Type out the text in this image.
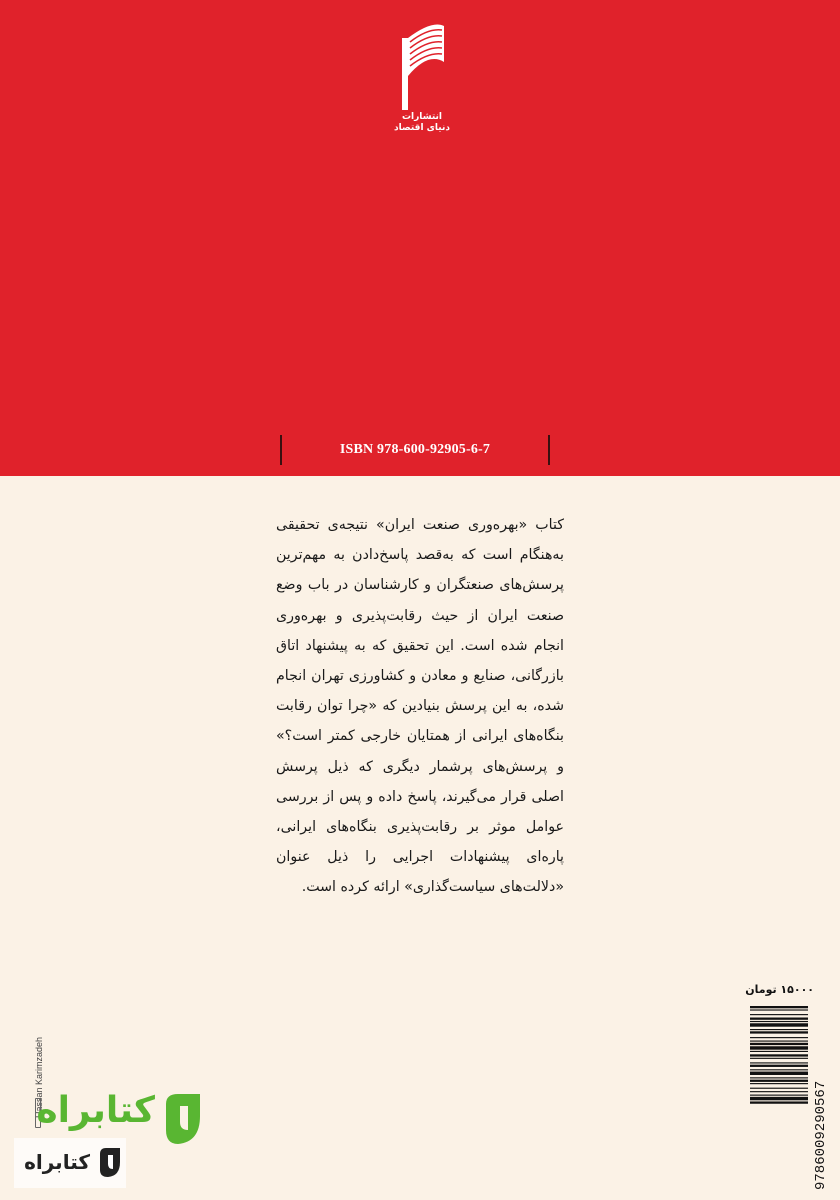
انتشارات
دنیای اقتصاد
ISBN 978-600-92905-6-7

کتاب «بهره‌وری صنعت ایران» نتیجه‌ی تحقیقی به‌هنگام است که به‌قصد پاسخ‌دادن به مهم‌ترین پرسش‌های صنعتگران و کارشناسان در باب وضع صنعت ایران از حیث رقابت‌پذیری و بهره‌وری انجام شده است. این تحقیق که به پیشنهاد اتاق بازرگانی، صنایع و معادن و کشاورزی تهران انجام شده، به این پرسش بنیادین که «چرا توان رقابت بنگاه‌های ایرانی از همتایان خارجی کمتر است؟» و پرسش‌های پرشمار دیگری که ذیل پرسش اصلی قرار می‌گیرند، پاسخ داده و پس از بررسی عوامل موثر بر رقابت‌پذیری بنگاه‌های ایرانی، پاره‌ای پیشنهادات اجرایی را ذیل عنوان «دلالت‌های سیاست‌گذاری» ارائه کرده است.

۱۵۰۰۰ تومان
9786009290567
Hassan Karimzadeh
کتابراه
کتابراه
